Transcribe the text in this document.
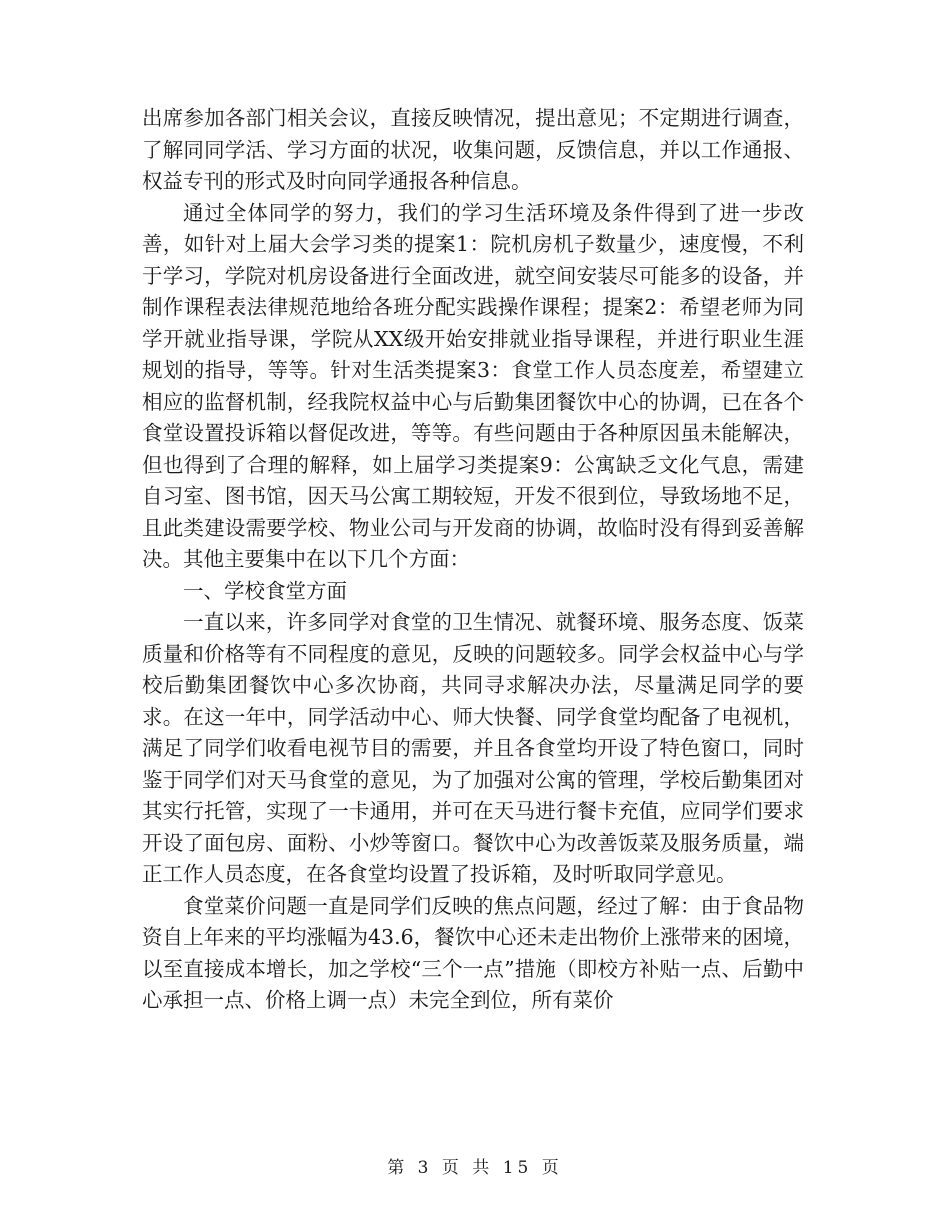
出席参加各部门相关会议，直接反映情况，提出意见；不定期进行调查，了解同同学活、学习方面的状况，收集问题，反馈信息，并以工作通报、权益专刊的形式及时向同学通报各种信息。

通过全体同学的努力，我们的学习生活环境及条件得到了进一步改善，如针对上届大会学习类的提案1：院机房机子数量少，速度慢，不利于学习，学院对机房设备进行全面改进，就空间安装尽可能多的设备，并制作课程表法律规范地给各班分配实践操作课程；提案2：希望老师为同学开就业指导课，学院从XX级开始安排就业指导课程，并进行职业生涯规划的指导，等等。针对生活类提案3：食堂工作人员态度差，希望建立相应的监督机制，经我院权益中心与后勤集团餐饮中心的协调，已在各个食堂设置投诉箱以督促改进，等等。有些问题由于各种原因虽未能解决，但也得到了合理的解释，如上届学习类提案9：公寓缺乏文化气息，需建自习室、图书馆，因天马公寓工期较短，开发不很到位，导致场地不足，且此类建设需要学校、物业公司与开发商的协调，故临时没有得到妥善解决。其他主要集中在以下几个方面：

一、学校食堂方面

一直以来，许多同学对食堂的卫生情况、就餐环境、服务态度、饭菜质量和价格等有不同程度的意见，反映的问题较多。同学会权益中心与学校后勤集团餐饮中心多次协商，共同寻求解决办法，尽量满足同学的要求。在这一年中，同学活动中心、师大快餐、同学食堂均配备了电视机，满足了同学们收看电视节目的需要，并且各食堂均开设了特色窗口，同时鉴于同学们对天马食堂的意见，为了加强对公寓的管理，学校后勤集团对其实行托管，实现了一卡通用，并可在天马进行餐卡充值，应同学们要求开设了面包房、面粉、小炒等窗口。餐饮中心为改善饭菜及服务质量，端正工作人员态度，在各食堂均设置了投诉箱，及时听取同学意见。

食堂菜价问题一直是同学们反映的焦点问题，经过了解：由于食品物资自上年来的平均涨幅为43.6，餐饮中心还未走出物价上涨带来的困境，以至直接成本增长，加之学校“三个一点”措施（即校方补贴一点、后勤中心承担一点、价格上调一点）未完全到位，所有菜价

第 3 页 共 15 页
